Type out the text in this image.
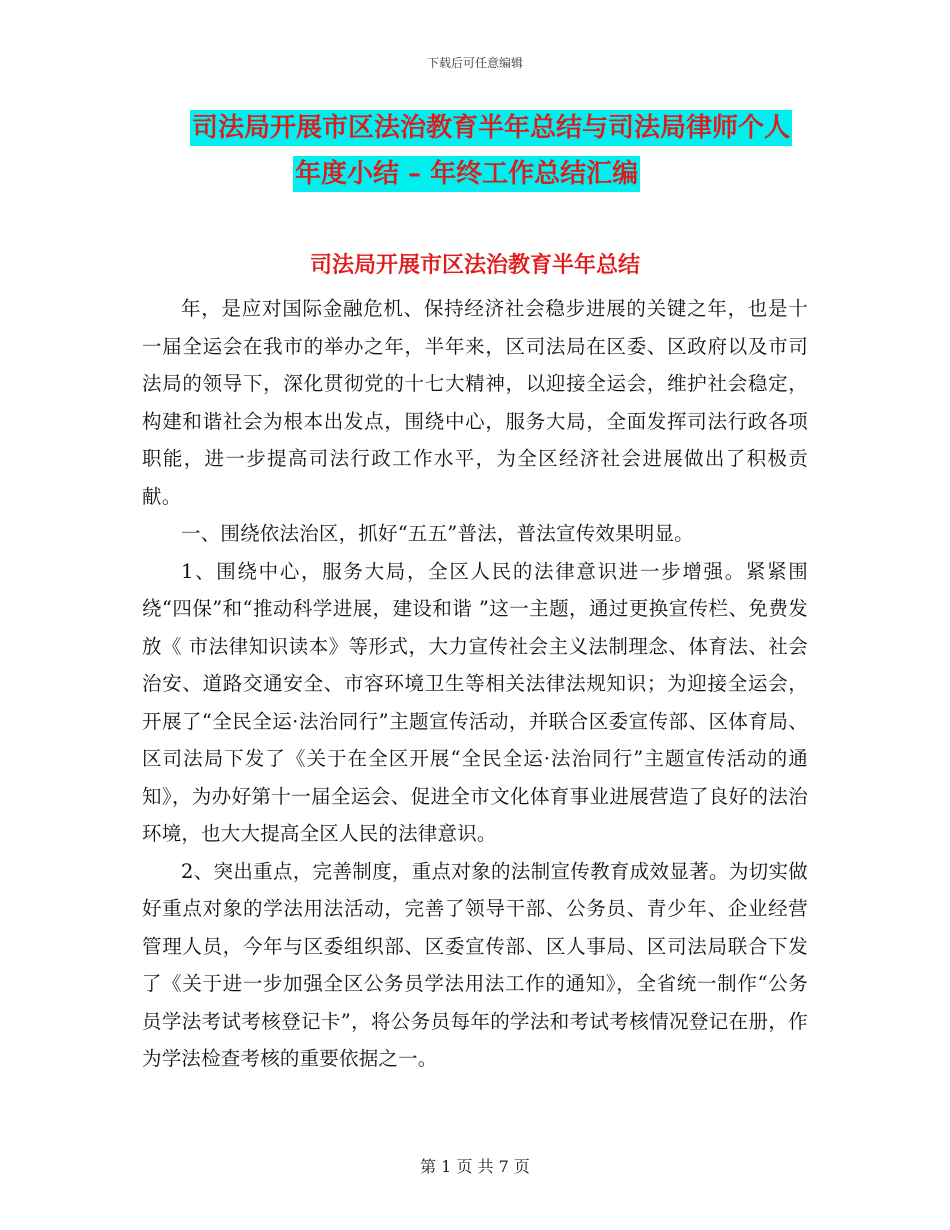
下载后可任意编辑
司法局开展市区法治教育半年总结与司法局律师个人
年度小结 – 年终工作总结汇编
司法局开展市区法治教育半年总结

年，是应对国际金融危机、保持经济社会稳步进展的关键之年，也是十一届全运会在我市的举办之年，半年来，区司法局在区委、区政府以及市司法局的领导下，深化贯彻党的十七大精神，以迎接全运会，维护社会稳定，构建和谐社会为根本出发点，围绕中心，服务大局，全面发挥司法行政各项职能，进一步提高司法行政工作水平，为全区经济社会进展做出了积极贡献。

一、围绕依法治区，抓好“五五”普法，普法宣传效果明显。

1、围绕中心，服务大局，全区人民的法律意识进一步增强。紧紧围绕“四保”和“推动科学进展，建设和谐 ”这一主题，通过更换宣传栏、免费发放《 市法律知识读本》等形式，大力宣传社会主义法制理念、体育法、社会治安、道路交通安全、市容环境卫生等相关法律法规知识；为迎接全运会，开展了“全民全运·法治同行”主题宣传活动，并联合区委宣传部、区体育局、区司法局下发了《关于在全区开展“全民全运·法治同行”主题宣传活动的通知》，为办好第十一届全运会、促进全市文化体育事业进展营造了良好的法治环境，也大大提高全区人民的法律意识。

2、突出重点，完善制度，重点对象的法制宣传教育成效显著。为切实做好重点对象的学法用法活动，完善了领导干部、公务员、青少年、企业经营管理人员，今年与区委组织部、区委宣传部、区人事局、区司法局联合下发了《关于进一步加强全区公务员学法用法工作的通知》，全省统一制作“公务员学法考试考核登记卡”，将公务员每年的学法和考试考核情况登记在册，作为学法检查考核的重要依据之一。

第 1 页 共 7 页
